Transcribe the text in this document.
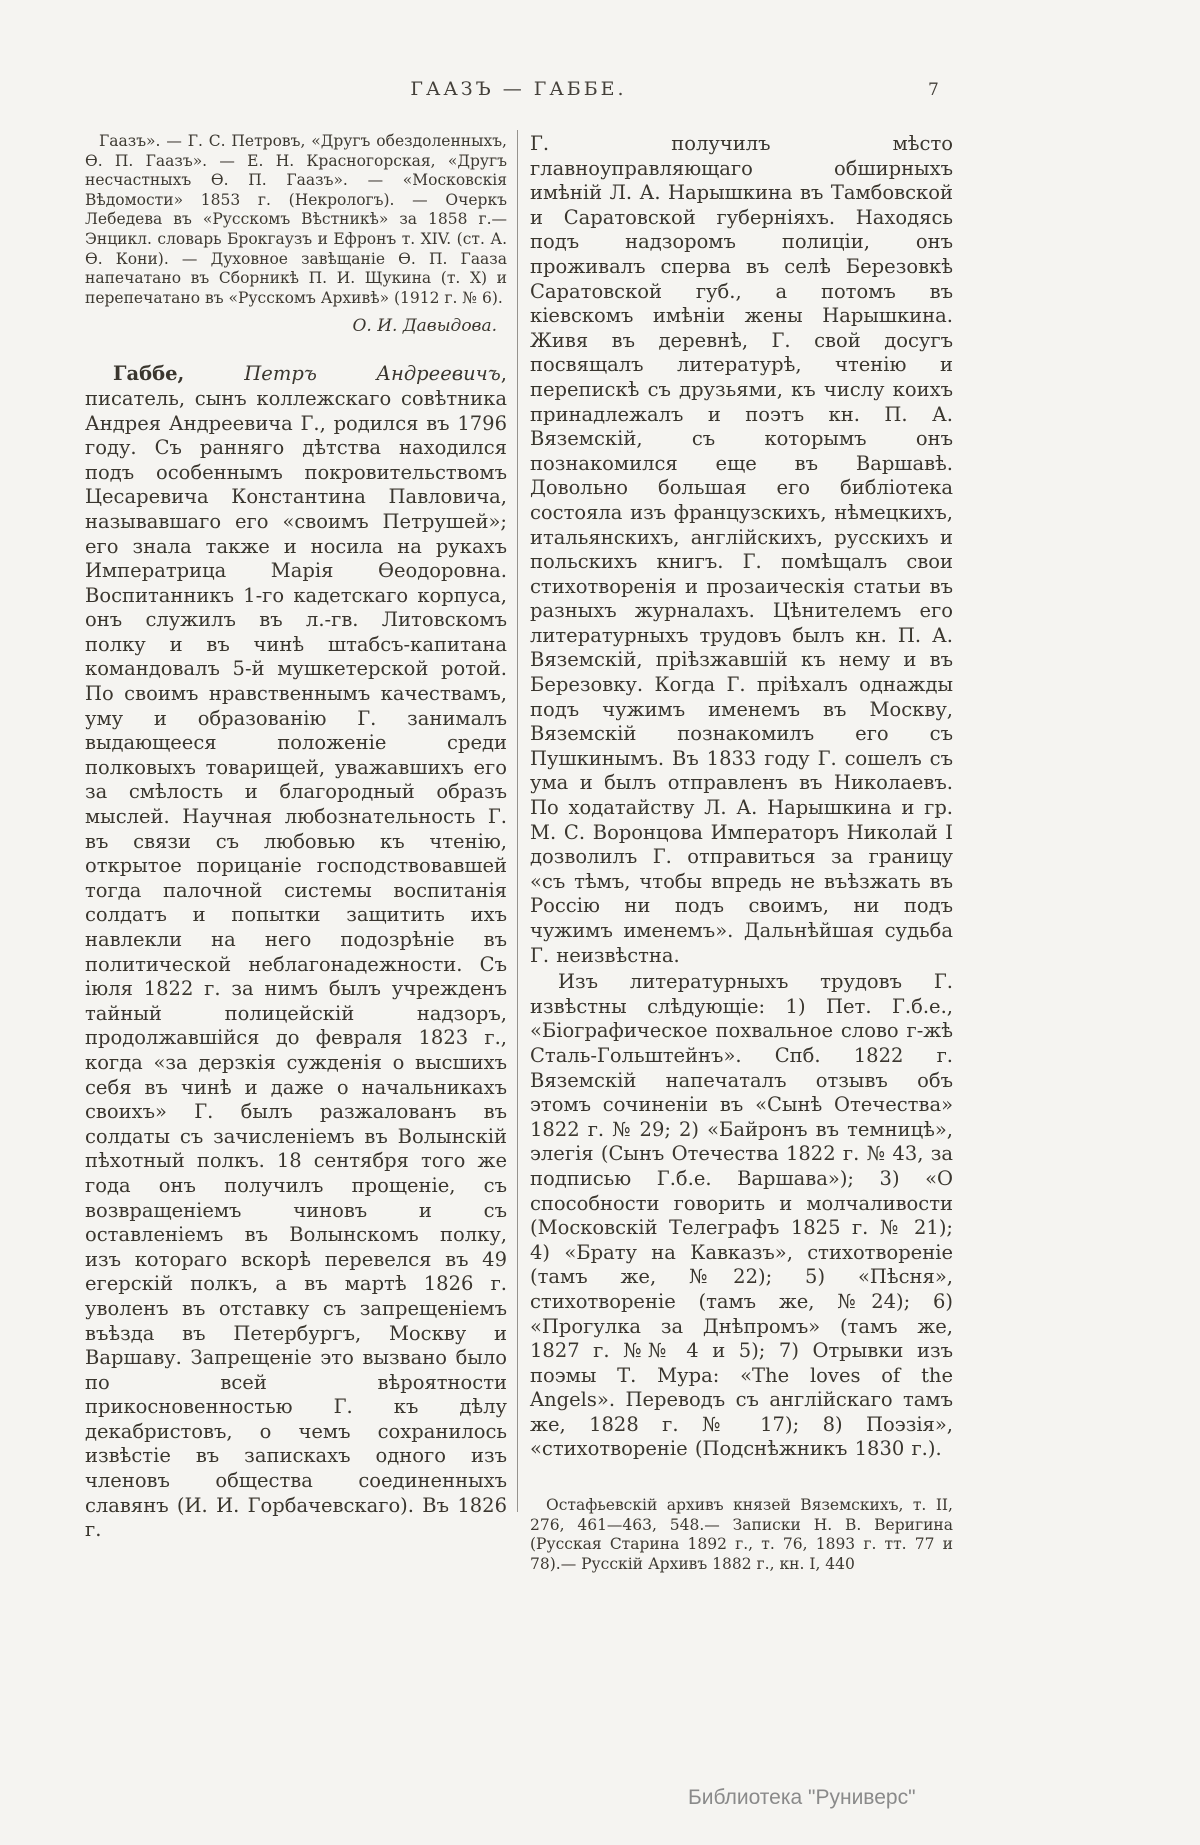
ГААЗЪ — ГАББЕ.	7

Гаазъ». — Г. С. Петровъ, «Другъ обездоленныхъ, Ѳ. П. Гаазъ». — Е. Н. Красногорская, «Другъ несчастныхъ Ѳ. П. Гаазъ». — «Московскія Вѣдомости» 1853 г. (Некрологъ). — Очеркъ Лебедева въ «Русскомъ Вѣстникѣ» за 1858 г.— Энцикл. словарь Брокгаузъ и Ефронъ т. XIV. (ст. А. Ѳ. Кони). — Духовное завѣщаніе Ѳ. П. Гааза напечатано въ Сборникѣ П. И. Щукина (т. X) и перепечатано въ «Русскомъ Архивѣ» (1912 г. № 6).

О. И. Давыдова.

Габбе, Петръ Андреевичъ, писатель, сынъ коллежскаго совѣтника Андрея Андреевича Г., родился въ 1796 году. Съ ранняго дѣтства находился подъ особеннымъ покровительствомъ Цесаревича Константина Павловича, называвшаго его «своимъ Петрушей»; его знала также и носила на рукахъ Императрица Марія Ѳеодоровна. Воспитанникъ 1-го кадетскаго корпуса, онъ служилъ въ л.-гв. Литовскомъ полку и въ чинѣ штабсъ-капитана командовалъ 5-й мушкетерской ротой. По своимъ нравственнымъ качествамъ, уму и образованію Г. занималъ выдающееся положеніе среди полковыхъ товарищей, уважавшихъ его за смѣлость и благородный образъ мыслей. Научная любознательность Г. въ связи съ любовью къ чтенію, открытое порицаніе господствовавшей тогда палочной системы воспитанія солдатъ и попытки защитить ихъ навлекли на него подозрѣніе въ политической неблагонадежности. Съ іюля 1822 г. за нимъ былъ учрежденъ тайный полицейскій надзоръ, продолжавшійся до февраля 1823 г., когда «за дерзкія сужденія о высшихъ себя въ чинѣ и даже о начальникахъ своихъ» Г. былъ разжалованъ въ солдаты съ зачисленіемъ въ Волынскій пѣхотный полкъ. 18 сентября того же года онъ получилъ прощеніе, съ возвращеніемъ чиновъ и съ оставленіемъ въ Волынскомъ полку, изъ котораго вскорѣ перевелся въ 49 егерскій полкъ, а въ мартѣ 1826 г. уволенъ въ отставку съ запрещеніемъ въѣзда въ Петербургъ, Москву и Варшаву. Запрещеніе это вызвано было по всей вѣроятности прикосновенностью Г. къ дѣлу декабристовъ, о чемъ сохранилось извѣстіе въ запискахъ одного изъ членовъ общества соединенныхъ славянъ (И. И. Горбачевскаго). Въ 1826 г.

Г. получилъ мѣсто главноуправляющаго обширныхъ имѣній Л. А. Нарышкина въ Тамбовской и Саратовской губерніяхъ. Находясь подъ надзоромъ полиціи, онъ проживалъ сперва въ селѣ Березовкѣ Саратовской губ., а потомъ въ кіевскомъ имѣніи жены Нарышкина. Живя въ деревнѣ, Г. свой досугъ посвящалъ литературѣ, чтенію и перепискѣ съ друзьями, къ числу коихъ принадлежалъ и поэтъ кн. П. А. Вяземскій, съ которымъ онъ познакомился еще въ Варшавѣ. Довольно большая его библіотека состояла изъ французскихъ, нѣмецкихъ, итальянскихъ, англійскихъ, русскихъ и польскихъ книгъ. Г. помѣщалъ свои стихотворенія и прозаическія статьи въ разныхъ журналахъ. Цѣнителемъ его литературныхъ трудовъ былъ кн. П. А. Вяземскій, пріѣзжавшій къ нему и въ Березовку. Когда Г. пріѣхалъ однажды подъ чужимъ именемъ въ Москву, Вяземскій познакомилъ его съ Пушкинымъ. Въ 1833 году Г. сошелъ съ ума и былъ отправленъ въ Николаевъ. По ходатайству Л. А. Нарышкина и гр. М. С. Воронцова Императоръ Николай I дозволилъ Г. отправиться за границу «съ тѣмъ, чтобы впредь не въѣзжать въ Россію ни подъ своимъ, ни подъ чужимъ именемъ». Дальнѣйшая судьба Г. неизвѣстна.

Изъ литературныхъ трудовъ Г. извѣстны слѣдующіе: 1) Пет. Г.б.е., «Біографическое похвальное слово г-жѣ Сталь-Гольштейнъ». Спб. 1822 г. Вяземскій напечаталъ отзывъ объ этомъ сочиненіи въ «Сынѣ Отечества» 1822 г. № 29; 2) «Байронъ въ темницѣ», элегія (Сынъ Отечества 1822 г. № 43, за подписью Г.б.е. Варшава»); 3) «О способности говорить и молчаливости (Московскій Телеграфъ 1825 г. № 21); 4) «Брату на Кавказъ», стихотвореніе (тамъ же, №22); 5) «Пѣсня», стихотвореніе (тамъ же, №24); 6) «Прогулка за Днѣпромъ» (тамъ же, 1827 г. №№ 4 и 5); 7) Отрывки изъ поэмы Т. Мура: «The loves of the Angels». Переводъ съ англійскаго тамъ же, 1828 г. № 17); 8) Поэзія», «стихотвореніе (Подснѣжникъ 1830 г.).

Остафьевскій архивъ князей Вяземскихъ, т. II, 276, 461—463, 548.— Записки Н. В. Веригина (Русская Старина 1892 г., т. 76, 1893 г. тт. 77 и 78).— Русскій Архивъ 1882 г., кн. I, 440

Библиотека "Руниверс"
